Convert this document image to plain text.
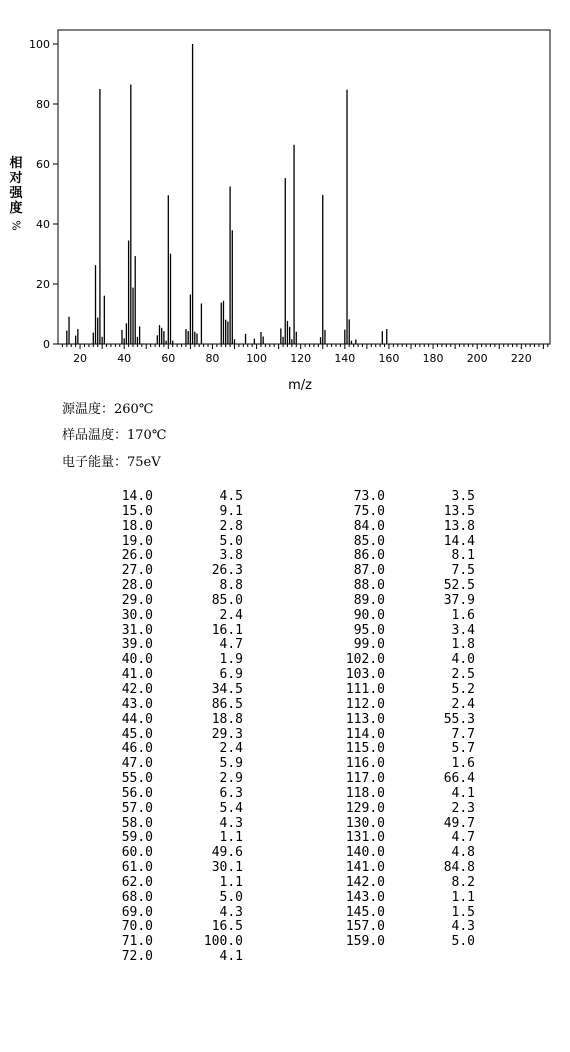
0
20
40
60
80
100
20	40	60	80 100 120 140 160 180 200 220
m/z
相对强度
%
源温度：260℃
样品温度：170℃
电子能量：75eV
14.0	4.5
15.0	9.1
18.0	2.8
19.0	5.0
26.0	3.8
27.0	26.3
28.0	8.8
29.0	85.0
30.0	2.4
31.0	16.1
39.0	4.7
40.0	1.9
41.0	6.9
42.0	34.5
43.0	86.5
44.0	18.8
45.0	29.3
46.0	2.4
47.0	5.9
55.0	2.9
56.0	6.3
57.0	5.4
58.0	4.3
59.0	1.1
60.0	49.6
61.0	30.1
62.0	1.1
68.0	5.0
69.0	4.3
70.0	16.5
71.0	100.0
72.0	4.1
73.0	3.5
75.0	13.5
84.0	13.8
85.0	14.4
86.0	8.1
87.0	7.5
88.0	52.5
89.0	37.9
90.0	1.6
95.0	3.4
99.0	1.8
102.0	4.0
103.0	2.5
111.0	5.2
112.0	2.4
113.0	55.3
114.0	7.7
115.0	5.7
116.0	1.6
117.0	66.4
118.0	4.1
129.0	2.3
130.0	49.7
131.0	4.7
140.0	4.8
141.0	84.8
142.0	8.2
143.0	1.1
145.0	1.5
157.0	4.3
159.0	5.0
